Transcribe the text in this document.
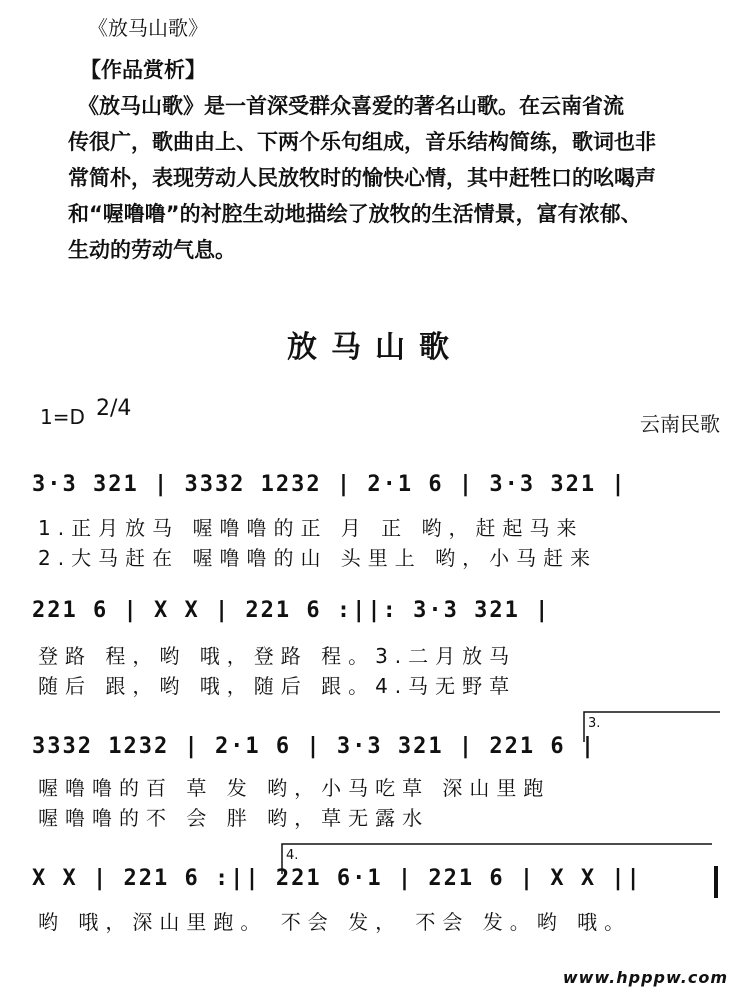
《放马山歌》
【作品赏析】
《放马山歌》是一首深受群众喜爱的著名山歌。在云南省流
传很广，歌曲由上、下两个乐句组成，音乐结构简练，歌词也非
常简朴，表现劳动人民放牧时的愉快心情，其中赶牲口的吆喝声
和“喔噜噜”的衬腔生动地描绘了放牧的生活情景，富有浓郁、
生动的劳动气息。
放马山歌
1=D 2/4
云南民歌
3·3 321 | 3332 1232 | 2·1 6 | 3·3 321 |
1.正月放马 喔噜噜的正 月 正 哟，赶起马来
2.大马赶在 喔噜噜的山 头里上 哟，小马赶来
221 6 | X X | 221 6 :||: 3·3 321 |
登路 程，哟 哦，登路 程。3.二月放马
随后 跟，哟 哦，随后 跟。4.马无野草
3.
3332 1232 | 2·1 6 | 3·3 321 | 221 6 |
喔噜噜的百 草 发 哟，小马吃草 深山里跑
喔噜噜的不 会 胖 哟，草无露水
4.
X X | 221 6 :|| 221 6·1 | 221 6 | X X ||
哟 哦，深山里跑。 不会 发， 不会 发。哟 哦。
www.hpppw.com
